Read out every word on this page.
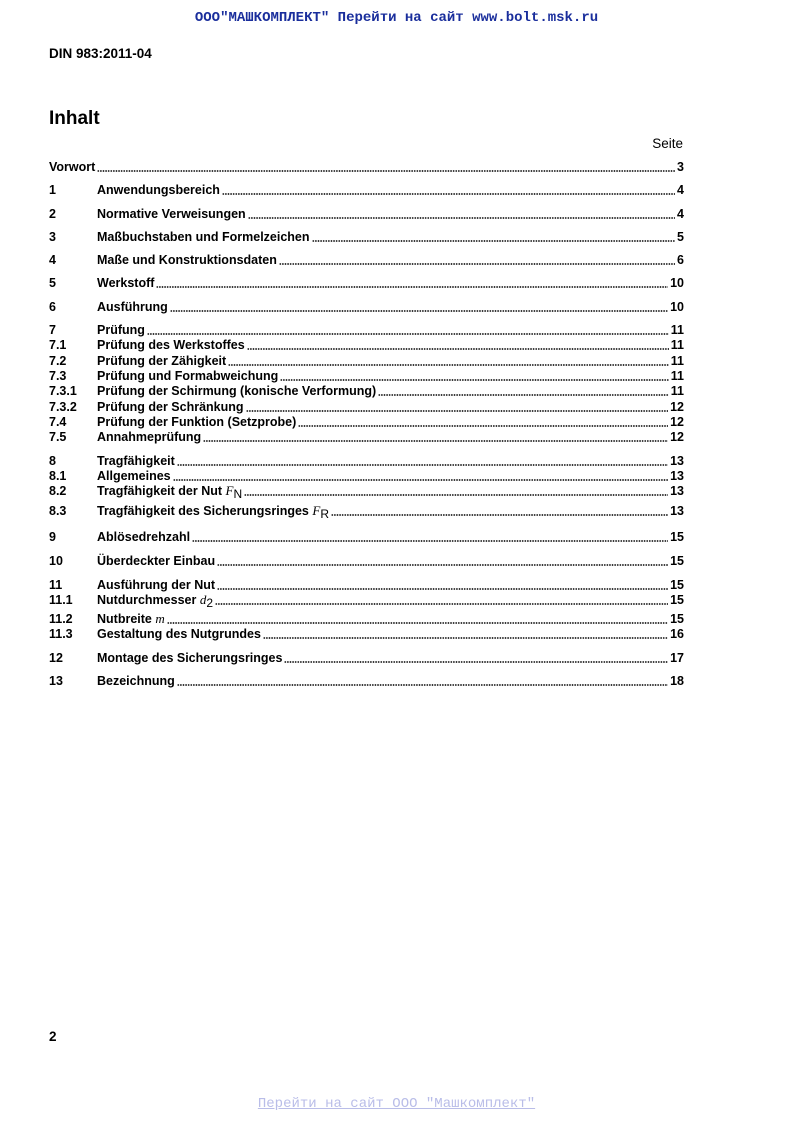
ООО"МАШКОМПЛЕКТ" Перейти на сайт www.bolt.msk.ru
DIN 983:2011-04
Inhalt
Seite
Vorwort	3
1	Anwendungsbereich	4
2	Normative Verweisungen	4
3	Maßbuchstaben und Formelzeichen	5
4	Maße und Konstruktionsdaten	6
5	Werkstoff	10
6	Ausführung	10
7	Prüfung	11
7.1	Prüfung des Werkstoffes	11
7.2	Prüfung der Zähigkeit	11
7.3	Prüfung und Formabweichung	11
7.3.1	Prüfung der Schirmung (konische Verformung)	11
7.3.2	Prüfung der Schränkung	12
7.4	Prüfung der Funktion (Setzprobe)	12
7.5	Annahmeprüfung	12
8	Tragfähigkeit	13
8.1	Allgemeines	13
8.2	Tragfähigkeit der Nut $F_N$	13
8.3	Tragfähigkeit des Sicherungsringes $F_R$	13
9	Ablösedrehzahl	15
10	Überdeckter Einbau	15
11	Ausführung der Nut	15
11.1	Nutdurchmesser $d_2$	15
11.2	Nutbreite m	15
11.3	Gestaltung des Nutgrundes	16
12	Montage des Sicherungsringes	17
13	Bezeichnung	18
2
Перейти на сайт ООО "Машкомплект"
